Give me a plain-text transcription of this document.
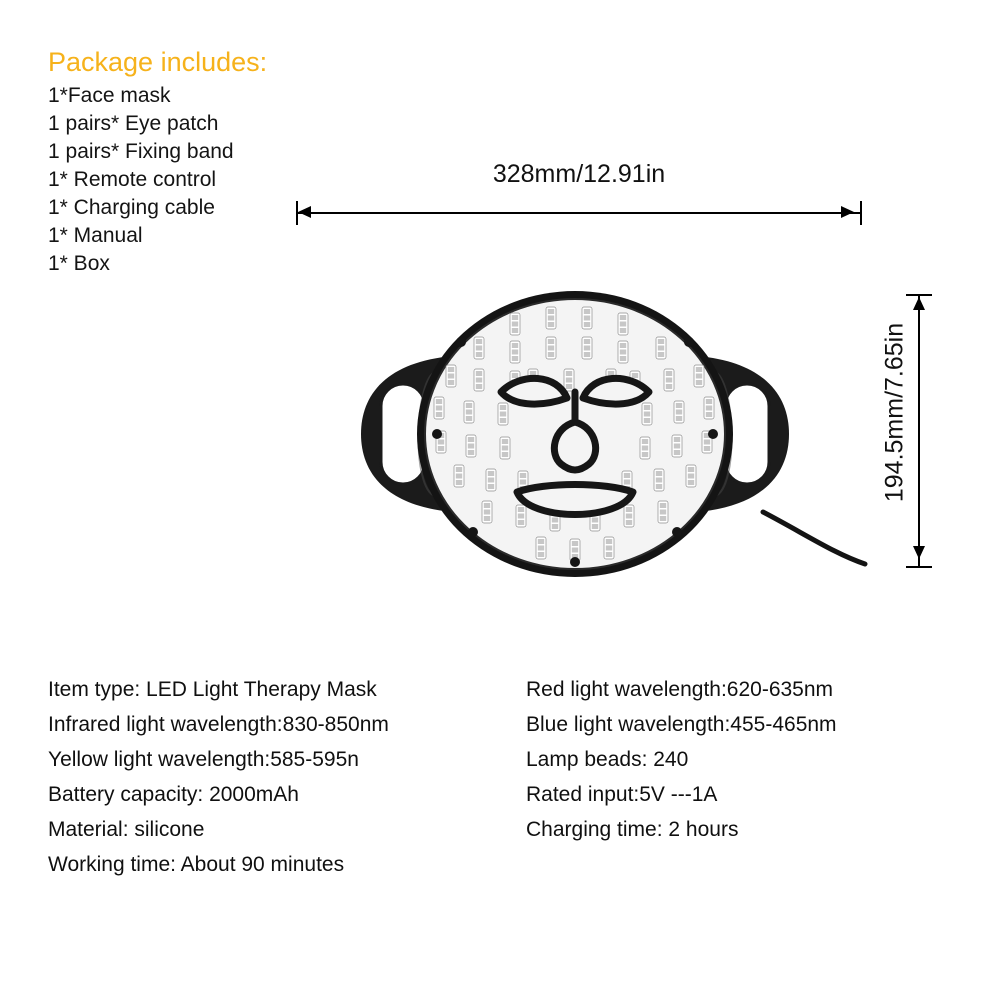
Package includes:
1*Face mask
1 pairs* Eye patch
1 pairs* Fixing band
1* Remote control
1* Charging cable
1* Manual
1* Box
328mm/12.91in
194.5mm/7.65in
Item type: LED Light Therapy Mask
Infrared light wavelength:830-850nm
Yellow light wavelength:585-595n
Battery capacity: 2000mAh
Material: silicone
Working time: About 90 minutes
Red light wavelength:620-635nm
Blue light wavelength:455-465nm
Lamp beads: 240
Rated input:5V ---1A
Charging time: 2 hours
